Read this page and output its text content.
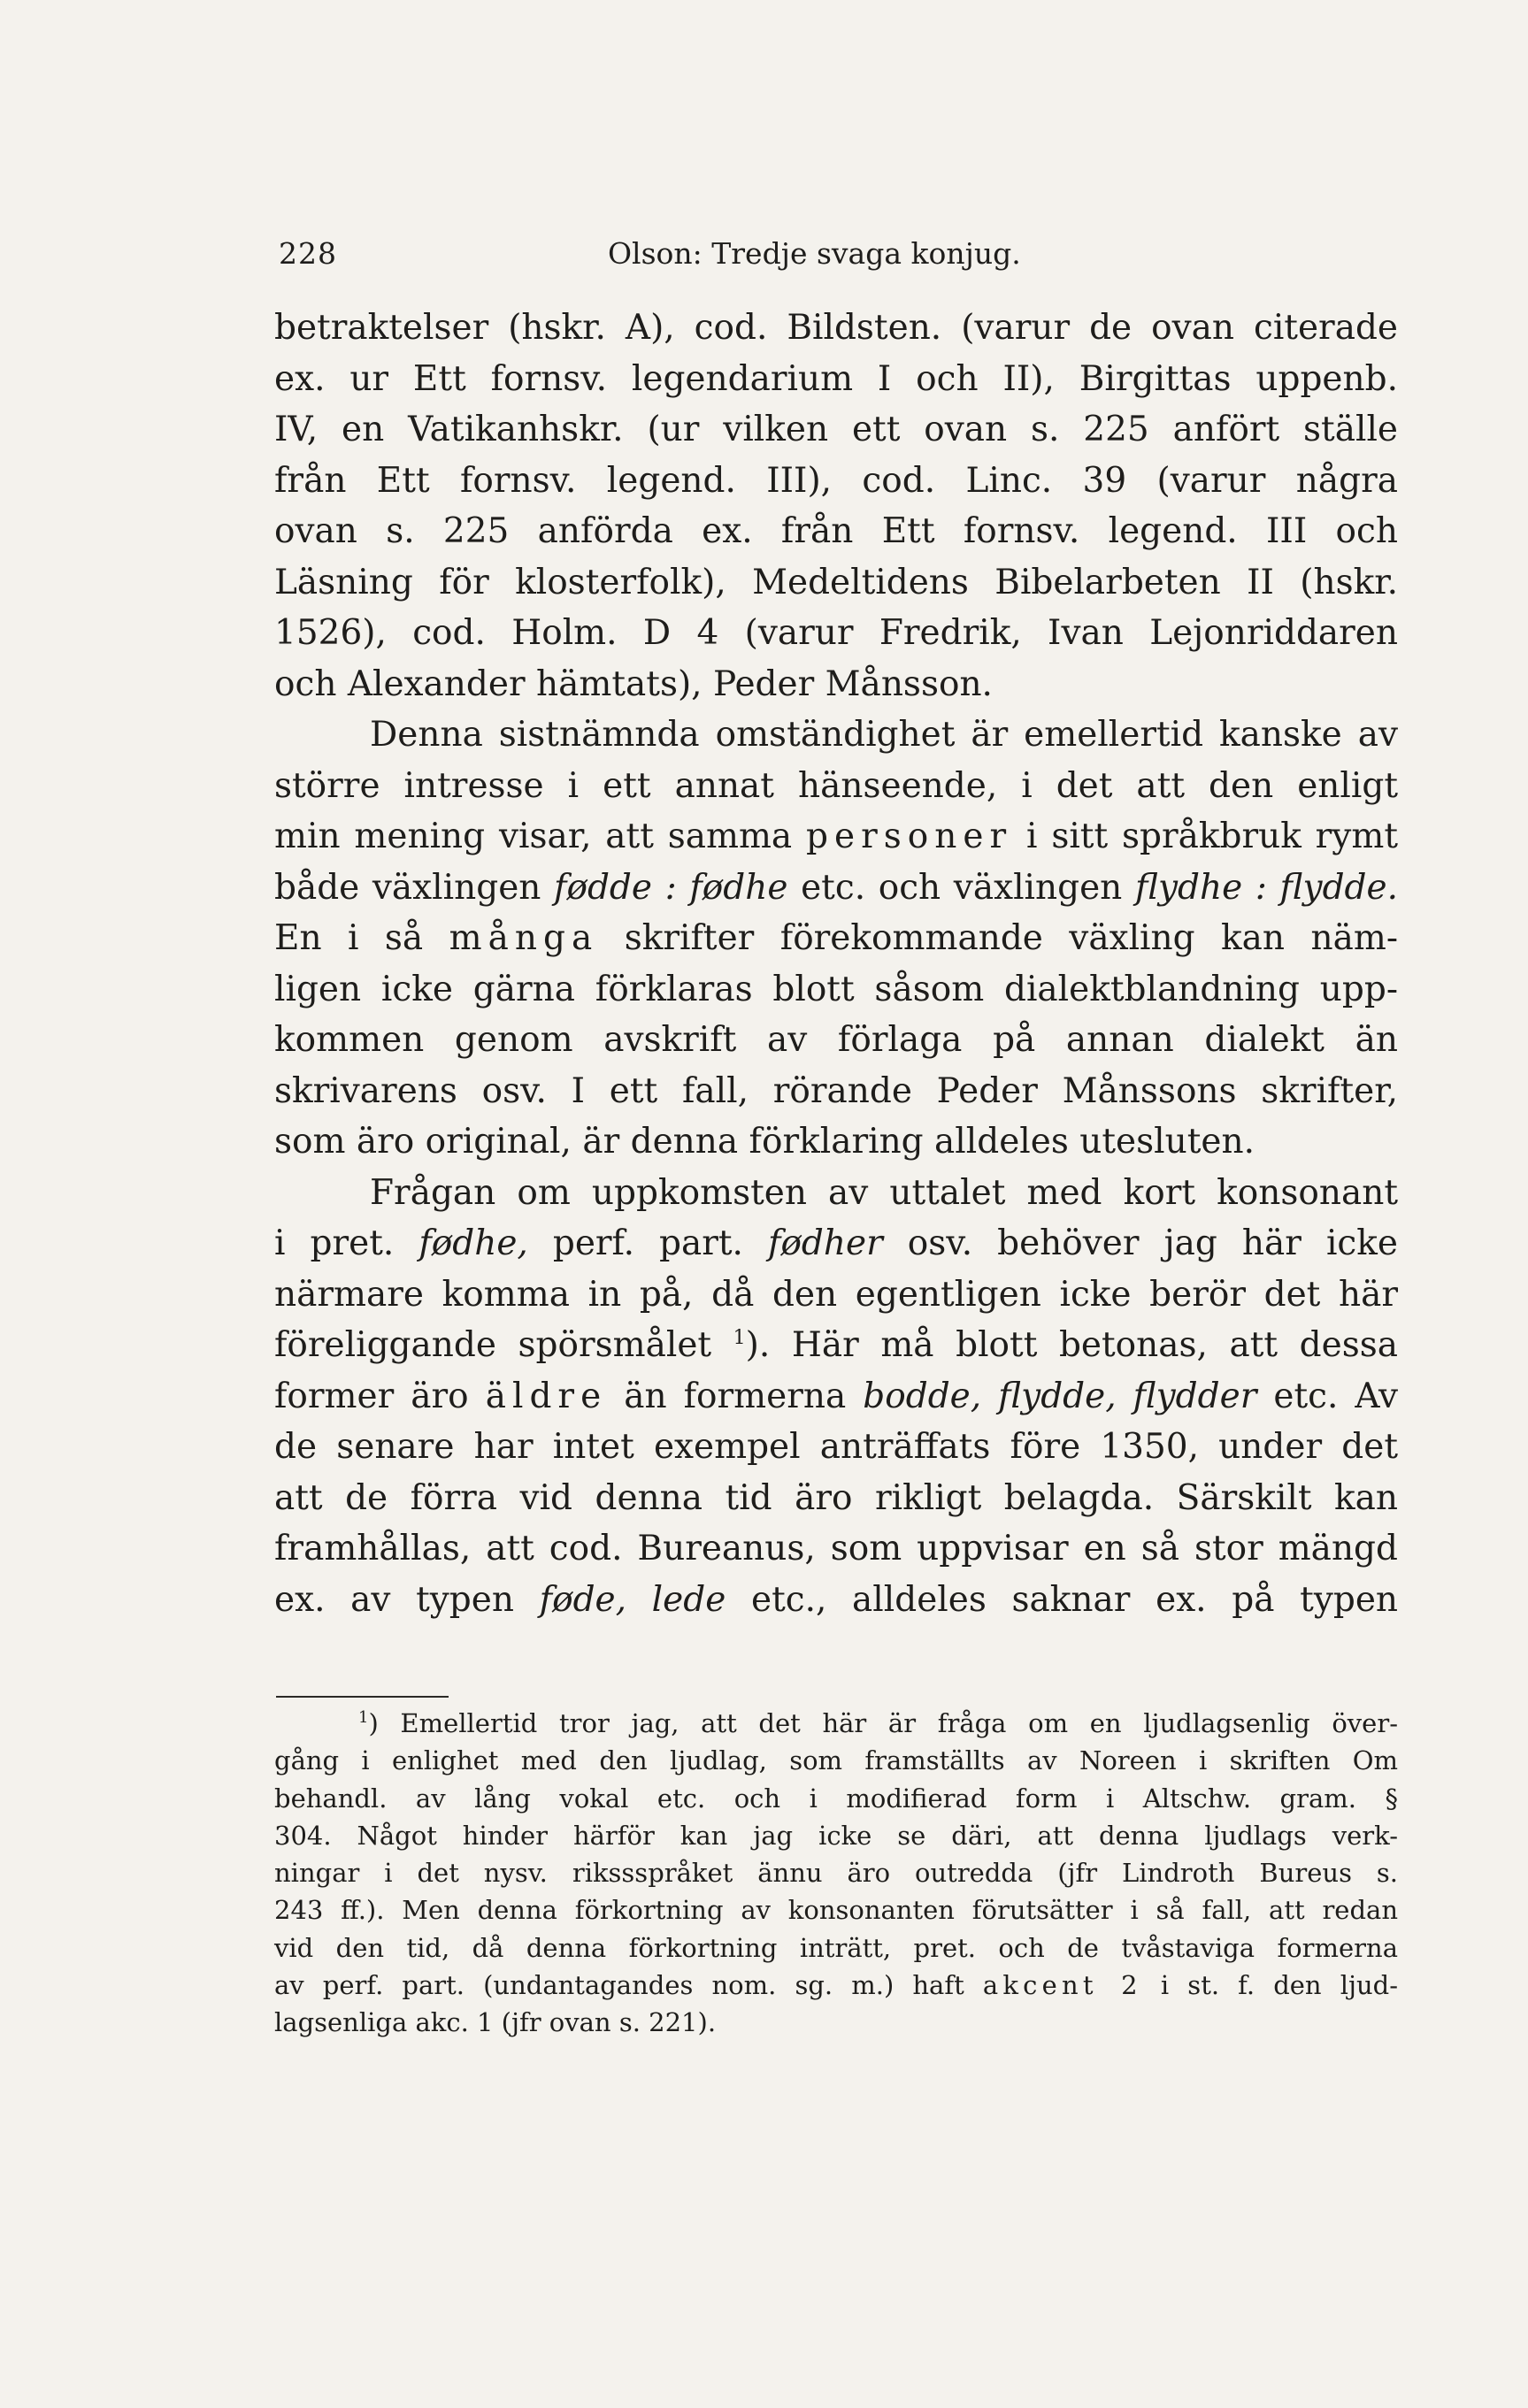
228	Olson: Tredje svaga konjug.
betraktelser (hskr. A), cod. Bildsten. (varur de ovan citerade
ex. ur Ett fornsv. legendarium I och II), Birgittas uppenb.
IV, en Vatikanhskr. (ur vilken ett ovan s. 225 anfört ställe
från Ett fornsv. legend. III), cod. Linc. 39 (varur några
ovan s. 225 anförda ex. från Ett fornsv. legend. III och
Läsning för klosterfolk), Medeltidens Bibelarbeten II (hskr.
1526), cod. Holm. D 4 (varur Fredrik, Ivan Lejonriddaren
och Alexander hämtats), Peder Månsson.
Denna sistnämnda omständighet är emellertid kanske av
större intresse i ett annat hänseende, i det att den enligt
min mening visar, att samma personer i sitt språkbruk rymt
både växlingen fødde : fødhe etc. och växlingen flydhe : flydde.
En i så många skrifter förekommande växling kan näm-
ligen icke gärna förklaras blott såsom dialektblandning upp-
kommen genom avskrift av förlaga på annan dialekt än
skrivarens osv. I ett fall, rörande Peder Månssons skrifter,
som äro original, är denna förklaring alldeles utesluten.
Frågan om uppkomsten av uttalet med kort konsonant
i pret. fødhe, perf. part. fødher osv. behöver jag här icke
närmare komma in på, då den egentligen icke berör det här
föreliggande spörsmålet $^1$). Här må blott betonas, att dessa
former äro äldre än formerna bodde, flydde, flydder etc. Av
de senare har intet exempel anträffats före 1350, under det
att de förra vid denna tid äro rikligt belagda. Särskilt kan
framhållas, att cod. Bureanus, som uppvisar en så stor mängd
ex. av typen føde, lede etc., alldeles saknar ex. på typen
$^1$) Emellertid tror jag, att det här är fråga om en ljudlagsenlig över-
gång i enlighet med den ljudlag, som framställts av Noreen i skriften Om
behandl. av lång vokal etc. och i modifierad form i Altschw. gram. §
304. Något hinder härför kan jag icke se däri, att denna ljudlags verk-
ningar i det nysv. rikssspråket ännu äro outredda (jfr Lindroth Bureus s.
243 ff.). Men denna förkortning av konsonanten förutsätter i så fall, att redan
vid den tid, då denna förkortning inträtt, pret. och de tvåstaviga formerna
av perf. part. (undantagandes nom. sg. m.) haft akcent 2 i st. f. den ljud-
lagsenliga akc. 1 (jfr ovan s. 221).
